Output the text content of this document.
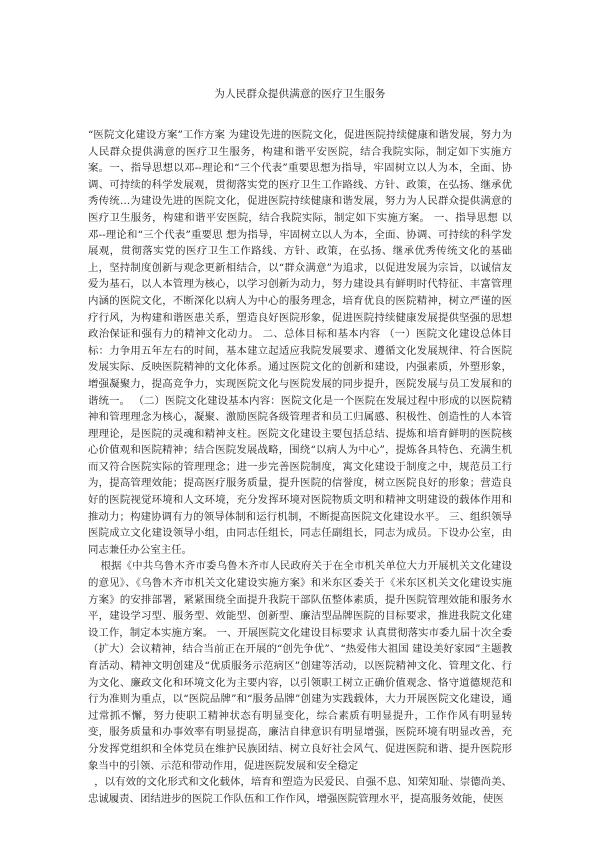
为人民群众提供满意的医疗卫生服务

“医院文化建设方案”工作方案 为建设先进的医院文化，促进医院持续健康和谐发展，努力为人民群众提供满意的医疗卫生服务，构建和谐平安医院，结合我院实际，制定如下实施方案。一、指导思想以邓--理论和“三个代表”重要思想为指导，牢固树立以人为本，全面、协调、可持续的科学发展观，贯彻落实党的医疗卫生工作路线、方针、政策，在弘扬、继承优秀传统…为建设先进的医院文化，促进医院持续健康和谐发展，努力为人民群众提供满意的医疗卫生服务，构建和谐平安医院，结合我院实际，制定如下实施方案。 一、指导思想 以邓--理论和“三个代表”重要思 想为指导，牢固树立以人为本，全面、协调、可持续的科学发展观，贯彻落实党的医疗卫生工作路线、方针、政策，在弘扬、继承优秀传统文化的基础上，坚持制度创新与观念更新相结合，以“群众满意”为追求，以促进发展为宗旨，以诚信友爱为基石，以人本管理为核心，以学习创新为动力，努力建设具有鲜明时代特征、丰富管理内涵的医院文化，不断深化以病人为中心的服务理念，培育优良的医院精神，树立严谨的医疗行风，为构建和谐医患关系，塑造良好医院形象，促进医院持续健康发展提供坚强的思想政治保证和强有力的精神文化动力。 二、总体目标和基本内容 （一）医院文化建设总体目标：力争用五年左右的时间，基本建立起适应我院发展要求、遵循文化发展规律、符合医院发展实际、反映医院精神的文化体系。通过医院文化的创新和建设，内强素质，外塑形象，增强凝聚力，提高竞争力，实现医院文化与医院发展的同步提升，医院发展与员工发展和的谐统一。 （二）医院文化建设基本内容：医院文化是一个医院在发展过程中形成的以医院精神和管理理念为核心，凝聚、激励医院各级管理者和员工归属感、积极性、创造性的人本管理理论，是医院的灵魂和精神支柱。医院文化建设主要包括总结、提炼和培育鲜明的医院核心价值观和医院精神；结合医院发展战略，围绕“以病人为中心”，提炼各具特色、充满生机而又符合医院实际的管理理念；进一步完善医院制度，寓文化建设于制度之中，规范员工行为，提高管理效能；提高医疗服务质量，提升医院的信誉度，树立医院良好的形象；营造良好的医院视觉环境和人文环境，充分发挥环境对医院物质文明和精神文明建设的载体作用和推动力；构建协调有力的领导体制和运行机制，不断提高医院文化建设水平。 三、组织领导 医院成立文化建设领导小组，由同志任组长，同志任副组长，同志为成员。下设办公室，由同志兼任办公室主任。

根据《中共乌鲁木齐市委乌鲁木齐市人民政府关于在全市机关单位大力开展机关文化建设的意见》、《乌鲁木齐市机关文化建设实施方案》和米东区委关于《米东区机关文化建设实施方案》的安排部署，紧紧围绕全面提升我院干部队伍整体素质，提升医院管理效能和服务水平，建设学习型、服务型、效能型、创新型、廉洁型品牌医院的目标要求，推进我院文化建设工作，制定本实施方案。 一、开展医院文化建设目标要求 认真贯彻落实市委九届十次全委（扩大）会议精神，结合当前正在开展的“创先争优”、“热爱伟大祖国 建设美好家园”主题教育活动、精神文明创建及“优质服务示范病区”创建等活动，以医院精神文化、管理文化、行为文化、廉政文化和环境文化为主要内容，以引领职工树立正确价值观念、恪守道德规范和行为准则为重点，以“医院品牌”和“服务品牌”创建为实践载体，大力开展医院文化建设，通过常抓不懈，努力使职工精神状态有明显变化，综合素质有明显提升，工作作风有明显转变，服务质量和办事效率有明显提高，廉洁自律意识有明显增强，医院环境有明显改善，充分发挥党组织和全体党员在维护民族团结、树立良好社会风气、促进医院和谐、提升医院形象当中的引领、示范和带动作用，促进医院发展和安全稳定

，以有效的文化形式和文化载体，培育和塑造为民爱民、自强不息、知荣知耻、崇德尚美、忠诚履责、团结进步的医院工作队伍和工作作风，增强医院管理水平，提高服务效能，使医
